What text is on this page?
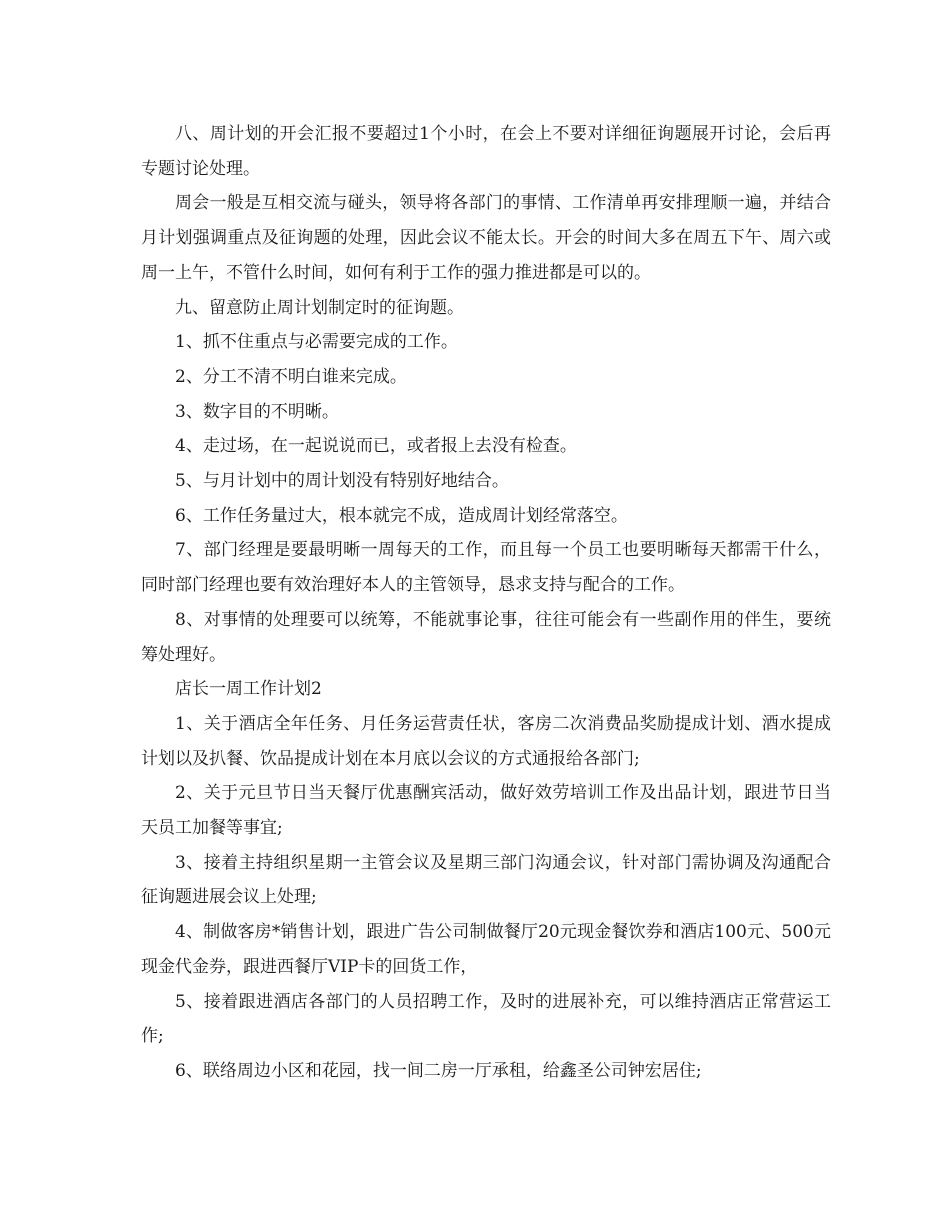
八、周计划的开会汇报不要超过1个小时，在会上不要对详细征询题展开讨论，会后再专题讨论处理。

周会一般是互相交流与碰头，领导将各部门的事情、工作清单再安排理顺一遍，并结合月计划强调重点及征询题的处理，因此会议不能太长。开会的时间大多在周五下午、周六或周一上午，不管什么时间，如何有利于工作的强力推进都是可以的。

九、留意防止周计划制定时的征询题。

1、抓不住重点与必需要完成的工作。

2、分工不清不明白谁来完成。

3、数字目的不明晰。

4、走过场，在一起说说而已，或者报上去没有检查。

5、与月计划中的周计划没有特别好地结合。

6、工作任务量过大，根本就完不成，造成周计划经常落空。

7、部门经理是要最明晰一周每天的工作，而且每一个员工也要明晰每天都需干什么，同时部门经理也要有效治理好本人的主管领导，恳求支持与配合的工作。

8、对事情的处理要可以统筹，不能就事论事，往往可能会有一些副作用的伴生，要统筹处理好。

店长一周工作计划2

1、关于酒店全年任务、月任务运营责任状，客房二次消费品奖励提成计划、酒水提成计划以及扒餐、饮品提成计划在本月底以会议的方式通报给各部门;

2、关于元旦节日当天餐厅优惠酬宾活动，做好效劳培训工作及出品计划，跟进节日当天员工加餐等事宜;

3、接着主持组织星期一主管会议及星期三部门沟通会议，针对部门需协调及沟通配合征询题进展会议上处理;

4、制做客房*销售计划，跟进广告公司制做餐厅20元现金餐饮券和酒店100元、500元现金代金券，跟进西餐厅VIP卡的回货工作，

5、接着跟进酒店各部门的人员招聘工作，及时的进展补充，可以维持酒店正常营运工作;

6、联络周边小区和花园，找一间二房一厅承租，给鑫圣公司钟宏居住;
